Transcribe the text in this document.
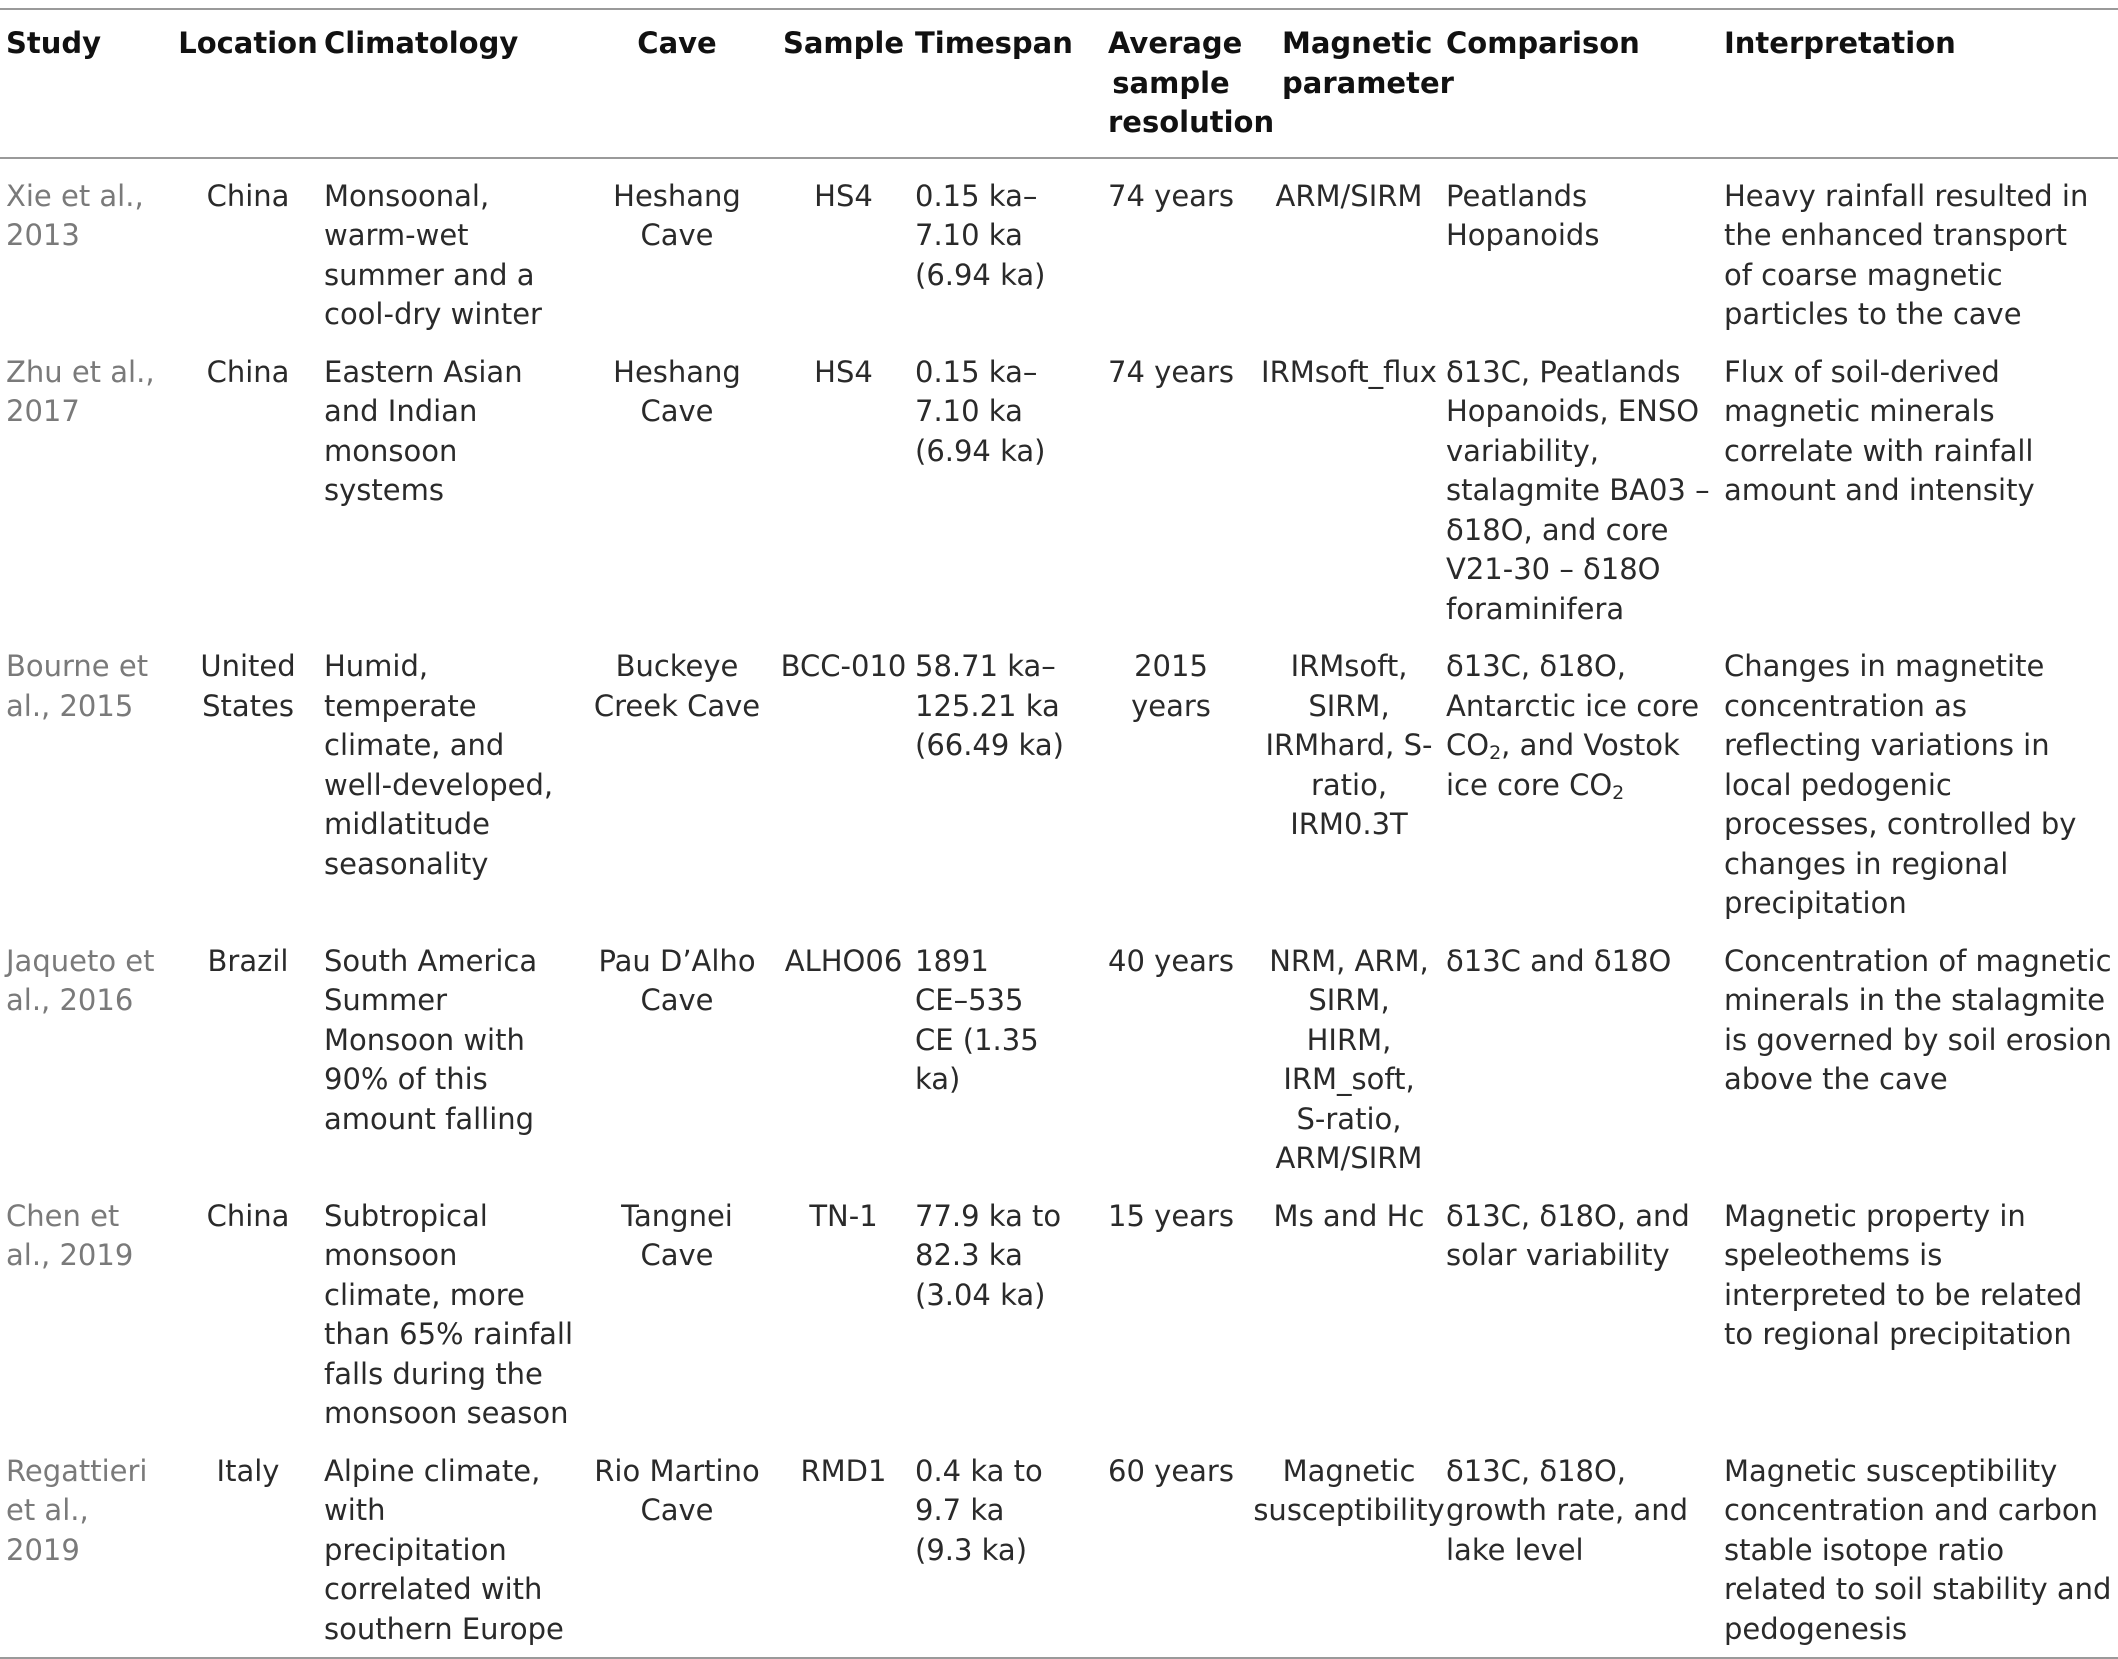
Study	Location	Climatology	Cave	Sample	Timespan	Average sample resolution	Magnetic parameter	Comparison	Interpretation
Xie et al., 2013	China	Monsoonal, warm-wet summer and a cool-dry winter	Heshang Cave	HS4	0.15 ka–7.10 ka (6.94 ka)	74 years	ARM/SIRM	Peatlands Hopanoids	Heavy rainfall resulted in the enhanced transport of coarse magnetic particles to the cave
Zhu et al., 2017	China	Eastern Asian and Indian monsoon systems	Heshang Cave	HS4	0.15 ka–7.10 ka (6.94 ka)	74 years	IRMsoft_flux	δ13C, Peatlands Hopanoids, ENSO variability, stalagmite BA03 – δ18O, and core V21-30 – δ18O foraminifera	Flux of soil-derived magnetic minerals correlate with rainfall amount and intensity
Bourne et al., 2015	United States	Humid, temperate climate, and well-developed, midlatitude seasonality	Buckeye Creek Cave	BCC-010	58.71 ka–125.21 ka (66.49 ka)	2015 years	IRMsoft, SIRM, IRMhard, S-ratio, IRM0.3T	δ13C, δ18O, Antarctic ice core $CO_2$, and Vostok ice core $CO_2$	Changes in magnetite concentration as reflecting variations in local pedogenic processes, controlled by changes in regional precipitation
Jaqueto et al., 2016	Brazil	South America Summer Monsoon with 90% of this amount falling	Pau D’Alho Cave	ALHO06	1891 CE–535 CE (1.35 ka)	40 years	NRM, ARM, SIRM, HIRM, IRM_soft, S-ratio, ARM/SIRM	δ13C and δ18O	Concentration of magnetic minerals in the stalagmite is governed by soil erosion above the cave
Chen et al., 2019	China	Subtropical monsoon climate, more than 65% rainfall falls during the monsoon season	Tangnei Cave	TN-1	77.9 ka to 82.3 ka (3.04 ka)	15 years	Ms and Hc	δ13C, δ18O, and solar variability	Magnetic property in speleothems is interpreted to be related to regional precipitation
Regattieri et al., 2019	Italy	Alpine climate, with precipitation correlated with southern Europe	Rio Martino Cave	RMD1	0.4 ka to 9.7 ka (9.3 ka)	60 years	Magnetic susceptibility	δ13C, δ18O, growth rate, and lake level	Magnetic susceptibility concentration and carbon stable isotope ratio related to soil stability and pedogenesis
